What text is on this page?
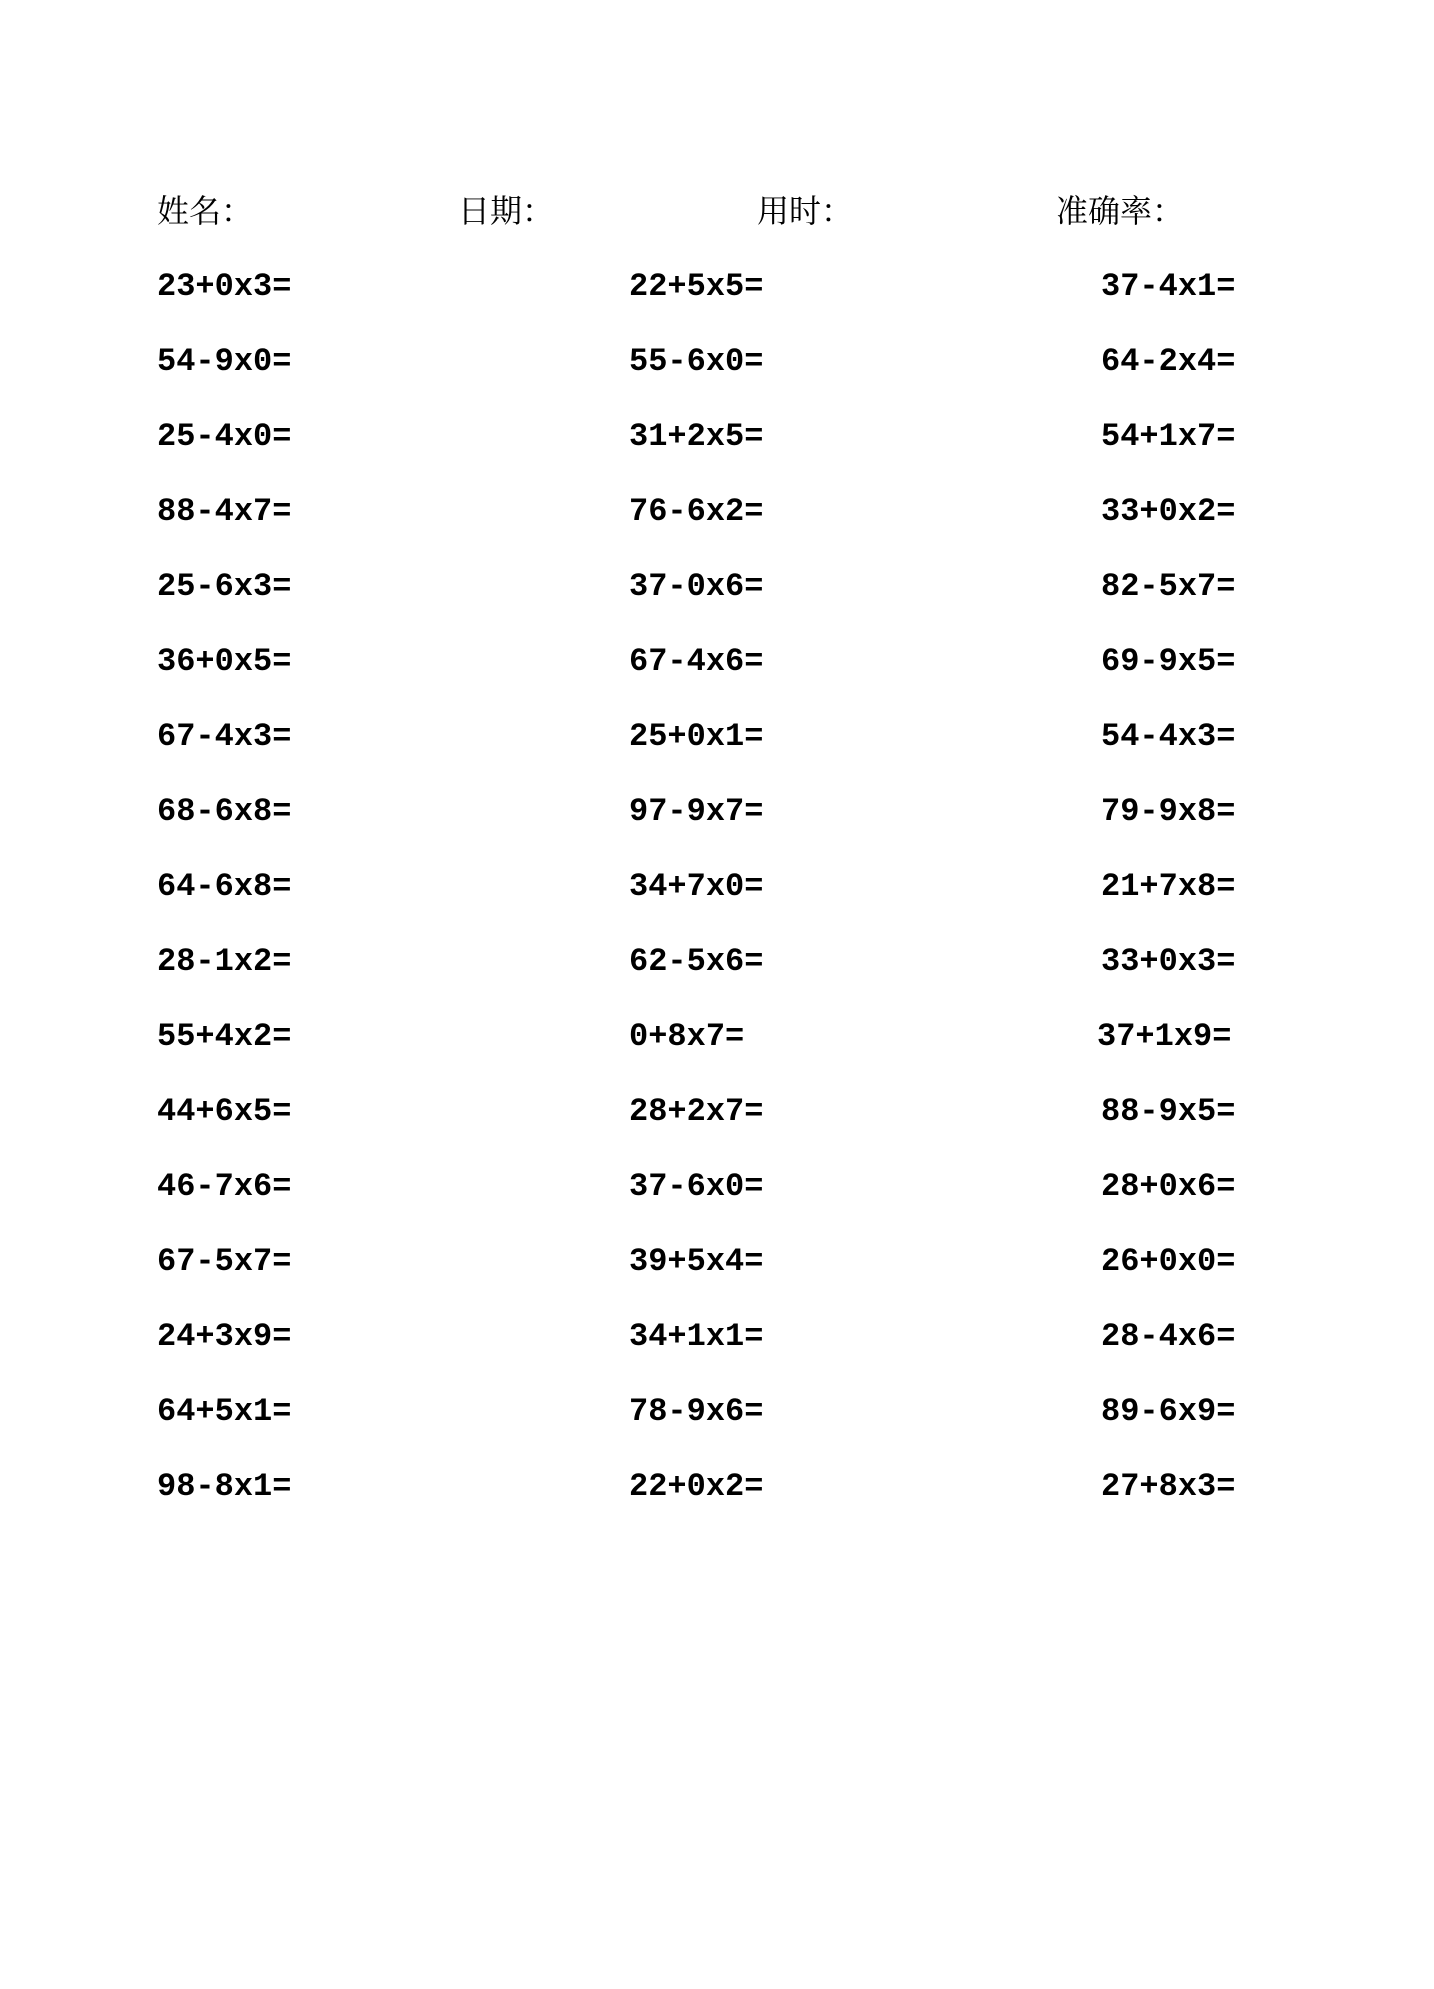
姓名：	日期：	用时：	准确率：
23+0x3=	22+5x5=	37-4x1=
54-9x0=	55-6x0=	64-2x4=
25-4x0=	31+2x5=	54+1x7=
88-4x7=	76-6x2=	33+0x2=
25-6x3=	37-0x6=	82-5x7=
36+0x5=	67-4x6=	69-9x5=
67-4x3=	25+0x1=	54-4x3=
68-6x8=	97-9x7=	79-9x8=
64-6x8=	34+7x0=	21+7x8=
28-1x2=	62-5x6=	33+0x3=
55+4x2=	0+8x7=	37+1x9=
44+6x5=	28+2x7=	88-9x5=
46-7x6=	37-6x0=	28+0x6=
67-5x7=	39+5x4=	26+0x0=
24+3x9=	34+1x1=	28-4x6=
64+5x1=	78-9x6=	89-6x9=
98-8x1=	22+0x2=	27+8x3=
